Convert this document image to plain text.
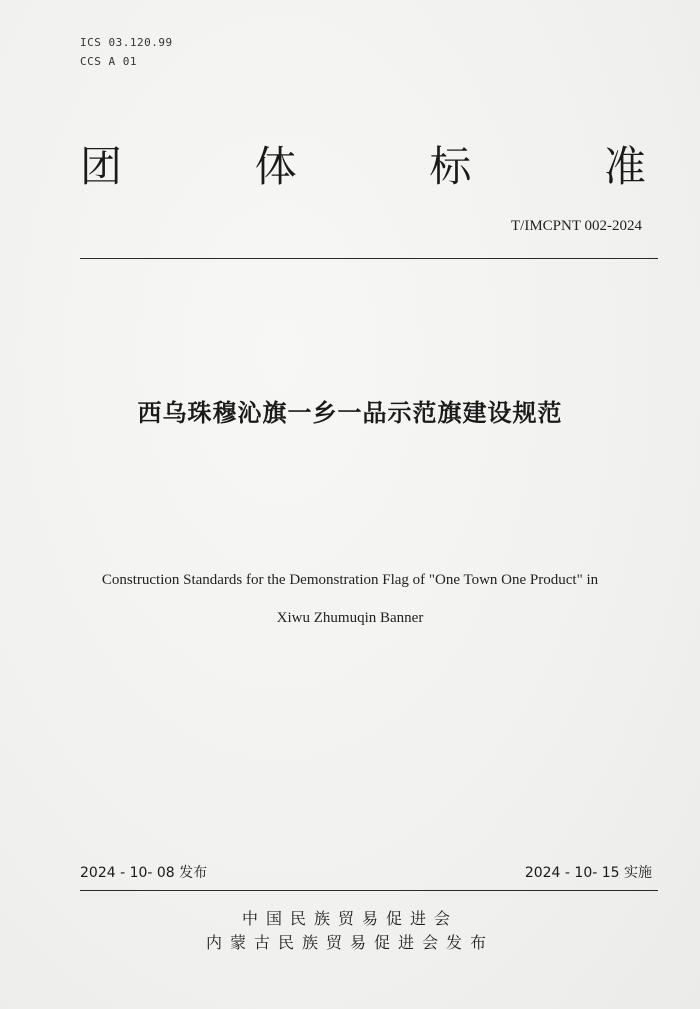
ICS 03.120.99
CCS A 01
团	体	标	准
T/IMCPNT 002-2024
西乌珠穆沁旗一乡一品示范旗建设规范
Construction Standards for the Demonstration Flag of "One Town One Product" in
Xiwu Zhumuqin Banner
2024 - 10- 08 发布	2024 - 10- 15 实施
中国民族贸易促进会
内蒙古民族贸易促进会发布
